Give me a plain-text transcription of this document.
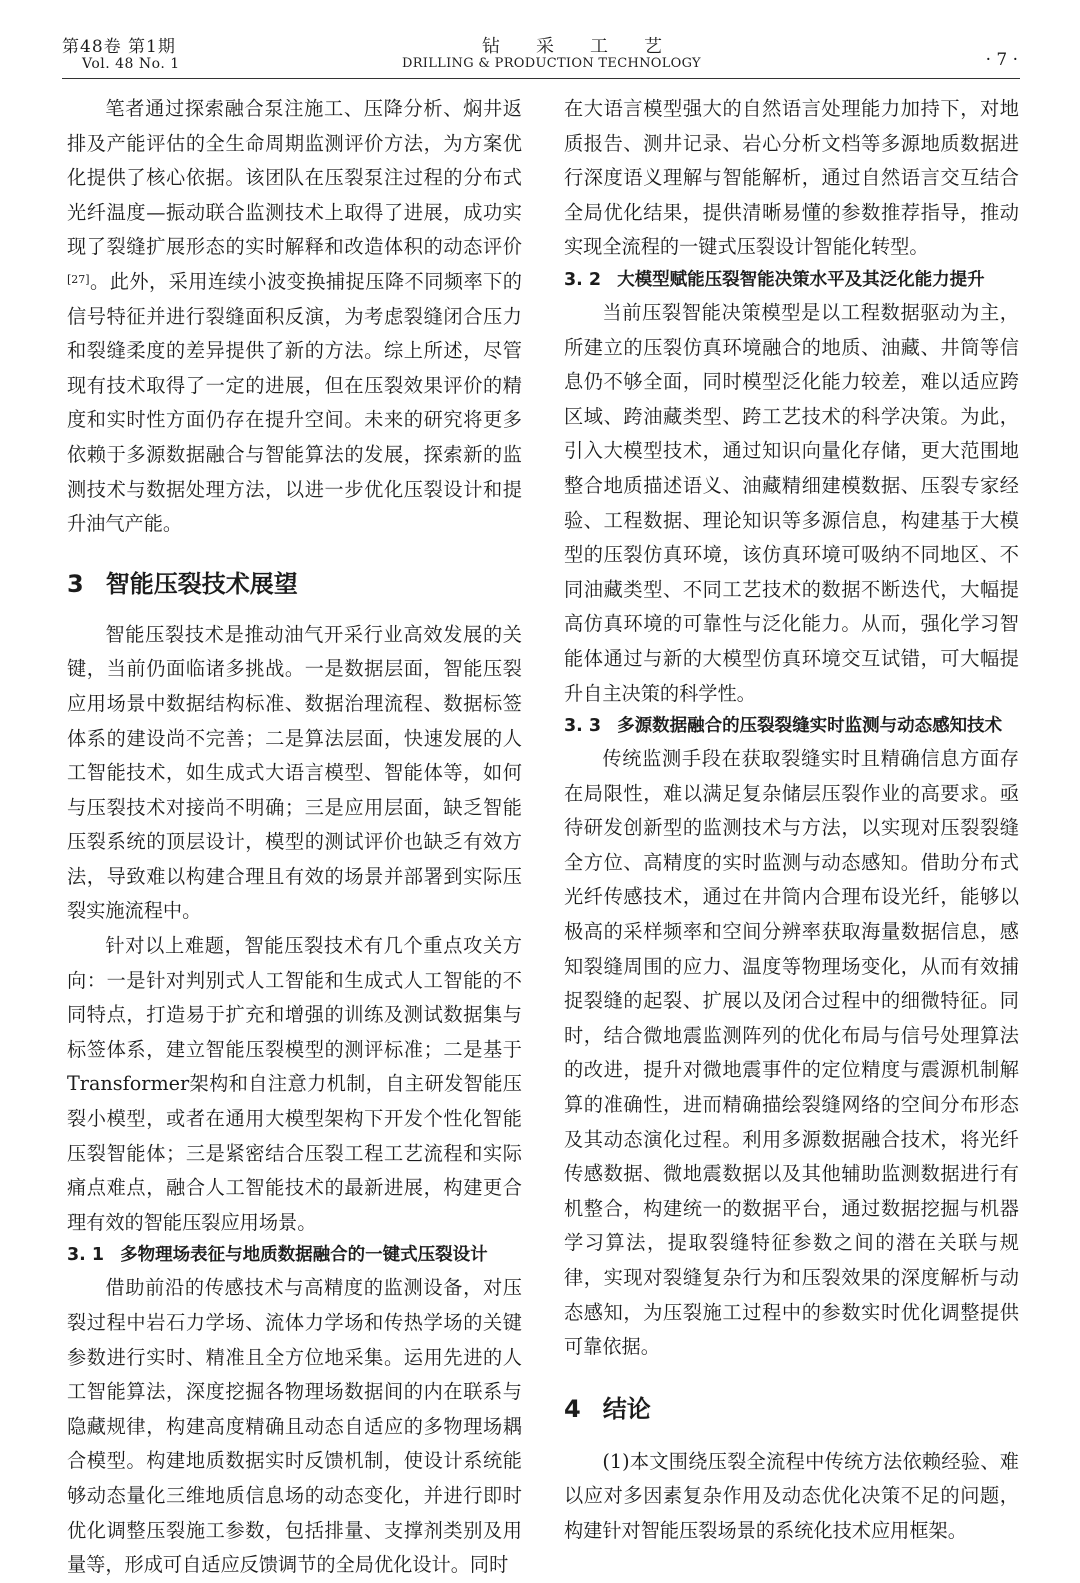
第48卷 第1期
Vol. 48 No. 1
钻采工艺
DRILLING & PRODUCTION TECHNOLOGY	· 7 ·

笔者通过探索融合泵注施工、压降分析、焖井返排及产能评估的全生命周期监测评价方法，为方案优化提供了核心依据。该团队在压裂泵注过程的分布式光纤温度—振动联合监测技术上取得了进展，成功实现了裂缝扩展形态的实时解释和改造体积的动态评价[27]。此外，采用连续小波变换捕捉压降不同频率下的信号特征并进行裂缝面积反演，为考虑裂缝闭合压力和裂缝柔度的差异提供了新的方法。综上所述，尽管现有技术取得了一定的进展，但在压裂效果评价的精度和实时性方面仍存在提升空间。未来的研究将更多依赖于多源数据融合与智能算法的发展，探索新的监测技术与数据处理方法，以进一步优化压裂设计和提升油气产能。

3 智能压裂技术展望

智能压裂技术是推动油气开采行业高效发展的关键，当前仍面临诸多挑战。一是数据层面，智能压裂应用场景中数据结构标准、数据治理流程、数据标签体系的建设尚不完善；二是算法层面，快速发展的人工智能技术，如生成式大语言模型、智能体等，如何与压裂技术对接尚不明确；三是应用层面，缺乏智能压裂系统的顶层设计，模型的测试评价也缺乏有效方法，导致难以构建合理且有效的场景并部署到实际压裂实施流程中。

针对以上难题，智能压裂技术有几个重点攻关方向：一是针对判别式人工智能和生成式人工智能的不同特点，打造易于扩充和增强的训练及测试数据集与标签体系，建立智能压裂模型的测评标准；二是基于Transformer架构和自注意力机制，自主研发智能压裂小模型，或者在通用大模型架构下开发个性化智能压裂智能体；三是紧密结合压裂工程工艺流程和实际痛点难点，融合人工智能技术的最新进展，构建更合理有效的智能压裂应用场景。

3. 1 多物理场表征与地质数据融合的一键式压裂设计

借助前沿的传感技术与高精度的监测设备，对压裂过程中岩石力学场、流体力学场和传热学场的关键参数进行实时、精准且全方位地采集。运用先进的人工智能算法，深度挖掘各物理场数据间的内在联系与隐藏规律，构建高度精确且动态自适应的多物理场耦合模型。构建地质数据实时反馈机制，使设计系统能够动态量化三维地质信息场的动态变化，并进行即时优化调整压裂施工参数，包括排量、支撑剂类别及用量等，形成可自适应反馈调节的全局优化设计。同时

在大语言模型强大的自然语言处理能力加持下，对地质报告、测井记录、岩心分析文档等多源地质数据进行深度语义理解与智能解析，通过自然语言交互结合全局优化结果，提供清晰易懂的参数推荐指导，推动实现全流程的一键式压裂设计智能化转型。

3. 2 大模型赋能压裂智能决策水平及其泛化能力提升

当前压裂智能决策模型是以工程数据驱动为主，所建立的压裂仿真环境融合的地质、油藏、井筒等信息仍不够全面，同时模型泛化能力较差，难以适应跨区域、跨油藏类型、跨工艺技术的科学决策。为此，引入大模型技术，通过知识向量化存储，更大范围地整合地质描述语义、油藏精细建模数据、压裂专家经验、工程数据、理论知识等多源信息，构建基于大模型的压裂仿真环境，该仿真环境可吸纳不同地区、不同油藏类型、不同工艺技术的数据不断迭代，大幅提高仿真环境的可靠性与泛化能力。从而，强化学习智能体通过与新的大模型仿真环境交互试错，可大幅提升自主决策的科学性。

3. 3 多源数据融合的压裂裂缝实时监测与动态感知技术

传统监测手段在获取裂缝实时且精确信息方面存在局限性，难以满足复杂储层压裂作业的高要求。亟待研发创新型的监测技术与方法，以实现对压裂裂缝全方位、高精度的实时监测与动态感知。借助分布式光纤传感技术，通过在井筒内合理布设光纤，能够以极高的采样频率和空间分辨率获取海量数据信息，感知裂缝周围的应力、温度等物理场变化，从而有效捕捉裂缝的起裂、扩展以及闭合过程中的细微特征。同时，结合微地震监测阵列的优化布局与信号处理算法的改进，提升对微地震事件的定位精度与震源机制解算的准确性，进而精确描绘裂缝网络的空间分布形态及其动态演化过程。利用多源数据融合技术，将光纤传感数据、微地震数据以及其他辅助监测数据进行有机整合，构建统一的数据平台，通过数据挖掘与机器学习算法，提取裂缝特征参数之间的潜在关联与规律，实现对裂缝复杂行为和压裂效果的深度解析与动态感知，为压裂施工过程中的参数实时优化调整提供可靠依据。

4 结论

(1)本文围绕压裂全流程中传统方法依赖经验、难以应对多因素复杂作用及动态优化决策不足的问题，构建针对智能压裂场景的系统化技术应用框架。
